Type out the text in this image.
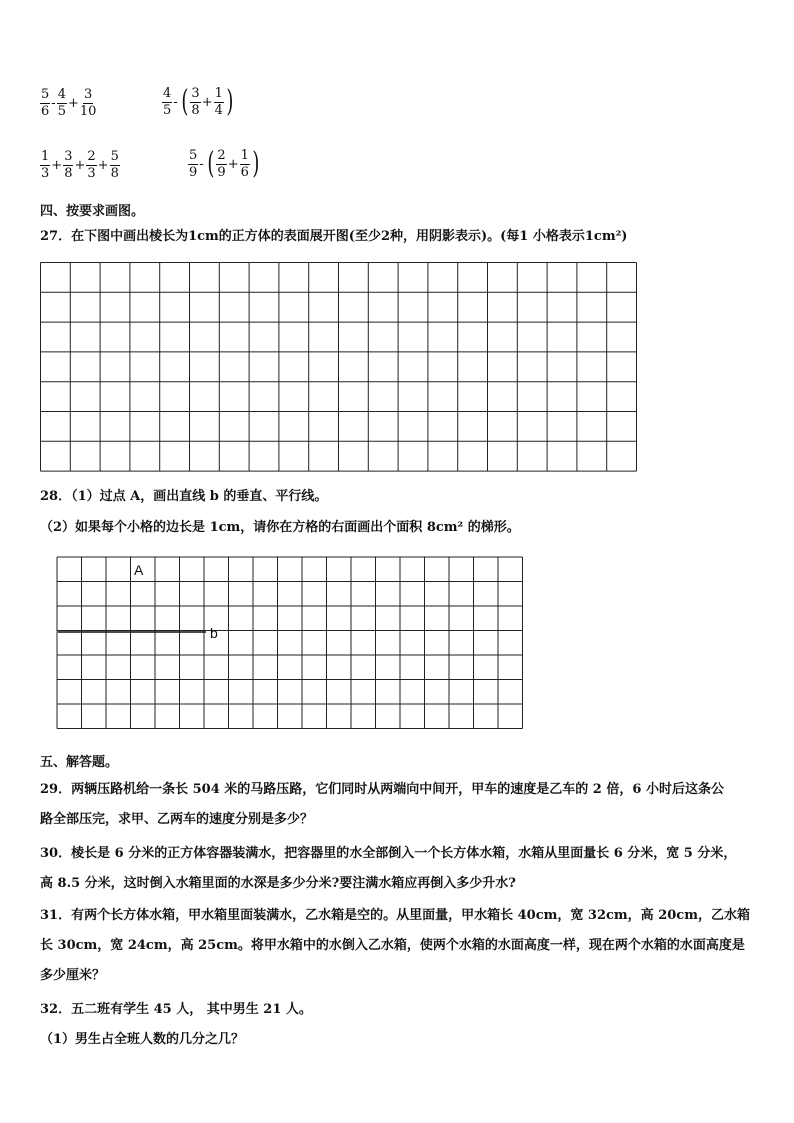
$\frac{5}{6} - \frac{4}{5} + \frac{3}{10}$	$\frac{4}{5}$ - ( $\frac{3}{8} + \frac{1}{4}$ )
$\frac{1}{3} + \frac{3}{8} + \frac{2}{3} + \frac{5}{8}$	$\frac{5}{9}$ - ( $\frac{2}{9} + \frac{1}{6}$ )
四、按要求画图。
27．在下图中画出棱长为1cm的正方体的表面展开图(至少2种，用阴影表示)。(每1 小格表示1cm²)
28．（1）过点 A，画出直线 b 的垂直、平行线。
（2）如果每个小格的边长是 1cm，请你在方格的右面画出个面积 8cm² 的梯形。
A
b
五、解答题。
29．两辆压路机给一条长 504 米的马路压路，它们同时从两端向中间开，甲车的速度是乙车的 2 倍，6 小时后这条公
路全部压完，求甲、乙两车的速度分别是多少？
30．棱长是 6 分米的正方体容器装满水，把容器里的水全部倒入一个长方体水箱，水箱从里面量长 6 分米，宽 5 分米，
高 8.5 分米，这时倒入水箱里面的水深是多少分米?要注满水箱应再倒入多少升水?
31．有两个长方体水箱，甲水箱里面装满水，乙水箱是空的。从里面量，甲水箱长 40cm，宽 32cm，高 20cm，乙水箱
长 30cm，宽 24cm，高 25cm。将甲水箱中的水倒入乙水箱，使两个水箱的水面高度一样，现在两个水箱的水面高度是
多少厘米？
32．五二班有学生 45 人， 其中男生 21 人。
（1）男生占全班人数的几分之几？
